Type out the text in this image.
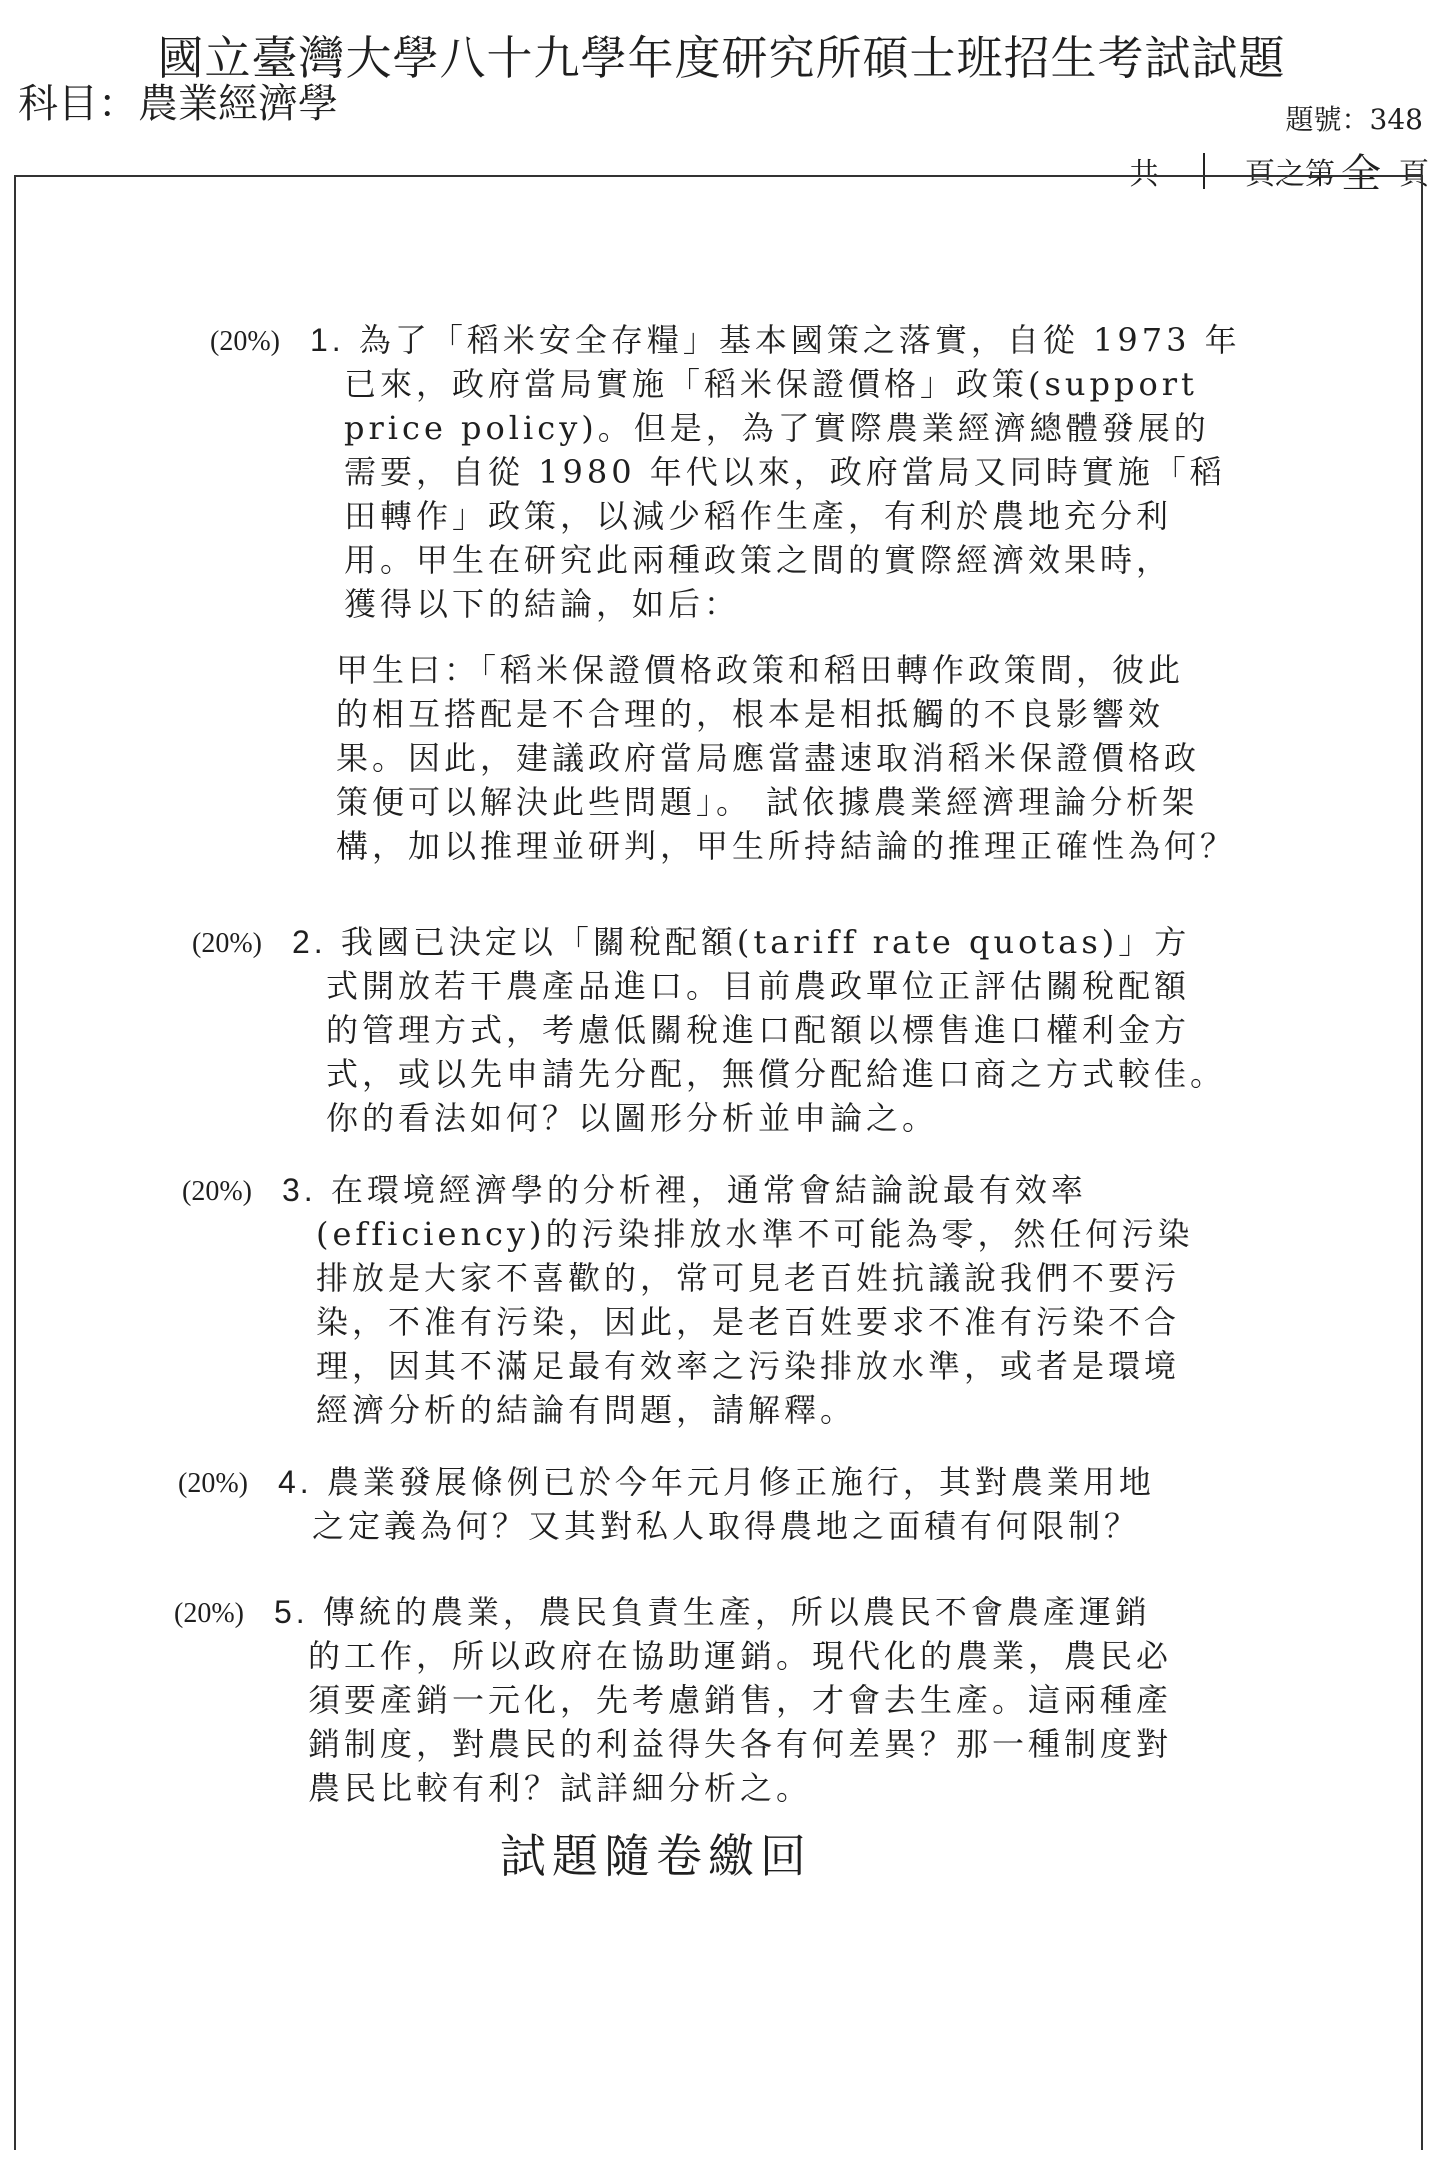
國立臺灣大學八十九學年度研究所碩士班招生考試試題
科目：農業經濟學	題號：348
共	頁之第 全 頁
(20%) 1. 為了「稻米安全存糧」基本國策之落實，自從 1973 年
已來，政府當局實施「稻米保證價格」政策(support
price policy)。但是，為了實際農業經濟總體發展的
需要，自從 1980 年代以來，政府當局又同時實施「稻
田轉作」政策，以減少稻作生產，有利於農地充分利
用。甲生在研究此兩種政策之間的實際經濟效果時，
獲得以下的結論，如后：
甲生曰：「稻米保證價格政策和稻田轉作政策間，彼此
的相互搭配是不合理的，根本是相抵觸的不良影響效
果。因此，建議政府當局應當盡速取消稻米保證價格政
策便可以解決此些問題」。 試依據農業經濟理論分析架
構，加以推理並研判，甲生所持結論的推理正確性為何？
(20%) 2. 我國已決定以「關稅配額(tariff rate quotas)」方
式開放若干農產品進口。目前農政單位正評估關稅配額
的管理方式，考慮低關稅進口配額以標售進口權利金方
式，或以先申請先分配，無償分配給進口商之方式較佳。
你的看法如何？以圖形分析並申論之。
(20%) 3. 在環境經濟學的分析裡，通常會結論說最有效率
(efficiency)的污染排放水準不可能為零，然任何污染
排放是大家不喜歡的，常可見老百姓抗議說我們不要污
染，不准有污染，因此，是老百姓要求不准有污染不合
理，因其不滿足最有效率之污染排放水準，或者是環境
經濟分析的結論有問題，請解釋。
(20%) 4. 農業發展條例已於今年元月修正施行，其對農業用地
之定義為何？又其對私人取得農地之面積有何限制？
(20%) 5. 傳統的農業，農民負責生產，所以農民不會農產運銷
的工作，所以政府在協助運銷。現代化的農業，農民必
須要產銷一元化，先考慮銷售，才會去生產。這兩種產
銷制度，對農民的利益得失各有何差異？那一種制度對
農民比較有利？試詳細分析之。
試題隨卷繳回
